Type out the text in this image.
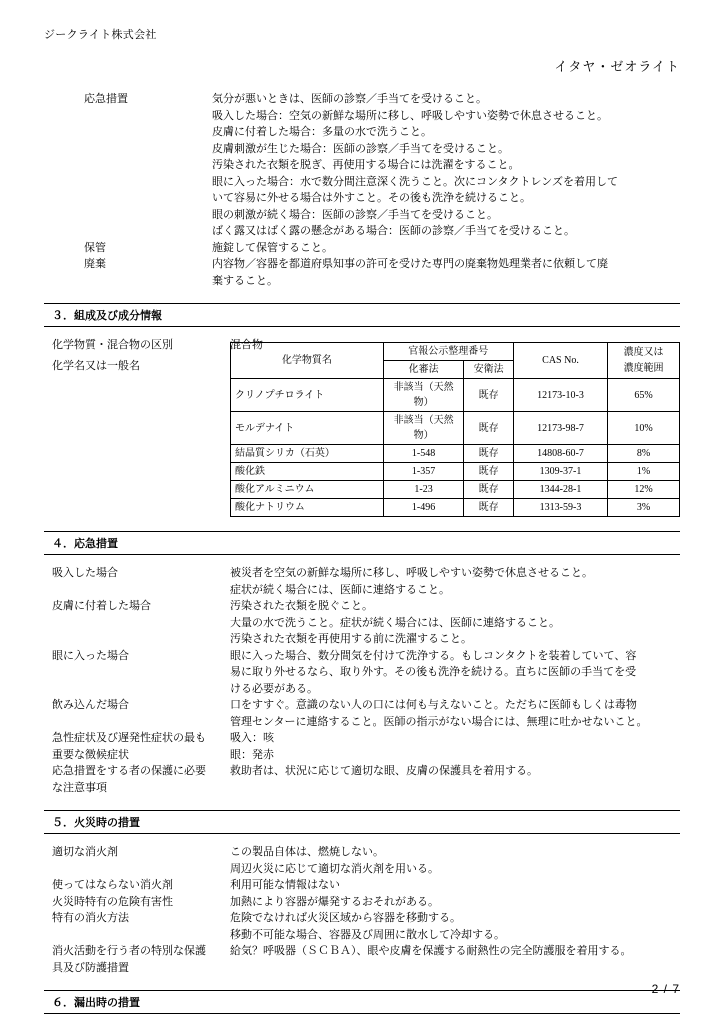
ジークライト株式会社
イタヤ・ゼオライト
応急措置	気分が悪いときは、医師の診察／手当てを受けること。
吸入した場合：空気の新鮮な場所に移し、呼吸しやすい姿勢で休息させること。
皮膚に付着した場合：多量の水で洗うこと。
皮膚刺激が生じた場合：医師の診察／手当てを受けること。
汚染された衣類を脱ぎ、再使用する場合には洗濯をすること。
眼に入った場合：水で数分間注意深く洗うこと。次にコンタクトレンズを着用して
いて容易に外せる場合は外すこと。その後も洗浄を続けること。
眼の刺激が続く場合：医師の診察／手当てを受けること。
ばく露又はばく露の懸念がある場合：医師の診察／手当てを受けること。
保管	施錠して保管すること。
廃棄	内容物／容器を都道府県知事の許可を受けた専門の廃棄物処理業者に依頼して廃
棄すること。
３．組成及び成分情報
化学物質・混合物の区別	混合物
化学名又は一般名	化学物質名	官報公示整理番号		CAS No.	濃度又は
	化審法	安衛法		濃度範囲
クリノプチロライト	非該当（天然物）	既存	12173-10-3	65%
モルデナイト	非該当（天然物）	既存	12173-98-7	10%
結晶質シリカ（石英）	1-548	既存	14808-60-7	8%
酸化鉄	1-357	既存	1309-37-1	1%
酸化アルミニウム	1-23	既存	1344-28-1	12%
酸化ナトリウム	1-496	既存	1313-59-3	3%
４．応急措置
吸入した場合	被災者を空気の新鮮な場所に移し、呼吸しやすい姿勢で休息させること。
症状が続く場合には、医師に連絡すること。
皮膚に付着した場合	汚染された衣類を脱ぐこと。
大量の水で洗うこと。症状が続く場合には、医師に連絡すること。
汚染された衣類を再使用する前に洗濯すること。
眼に入った場合	眼に入った場合、数分間気を付けて洗浄する。もしコンタクトを装着していて、容
易に取り外せるなら、取り外す。その後も洗浄を続ける。直ちに医師の手当てを受
ける必要がある。
飲み込んだ場合	口をすすぐ。意識のない人の口には何も与えないこと。ただちに医師もしくは毒物
管理センターに連絡すること。医師の指示がない場合には、無理に吐かせないこと。
急性症状及び遅発性症状の最も
重要な徴候症状
吸入：咳
眼：発赤
応急措置をする者の保護に必要
な注意事項
救助者は、状況に応じて適切な眼、皮膚の保護具を着用する。
５．火災時の措置
適切な消火剤	この製品自体は、燃焼しない。
周辺火災に応じて適切な消火剤を用いる。
使ってはならない消火剤	利用可能な情報はない
火災時特有の危険有害性	加熱により容器が爆発するおそれがある。
特有の消火方法	危険でなければ火災区域から容器を移動する。
移動不可能な場合、容器及び周囲に散水して冷却する。
消火活動を行う者の特別な保護
具及び防護措置
給気？呼吸器（ＳＣＢＡ）、眼や皮膚を保護する耐熱性の完全防護服を着用する。
６．漏出時の措置
2 / 7
